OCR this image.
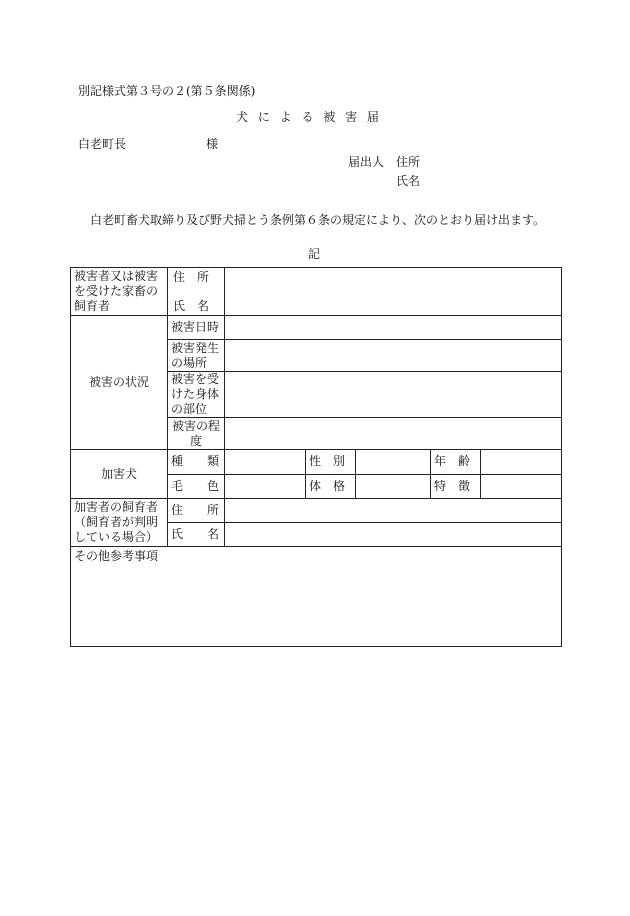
別記様式第３号の２(第５条関係)
犬 に よ る 被 害 届
白老町長	様
届出人 住所
氏名
白老町畜犬取締り及び野犬掃とう条例第６条の規定により、次のとおり届け出ます。
記
被害者又は被害を受けた家畜の飼育者	住　所
氏　名					

被害の状況	被害日時					
	被害発生の場所					
	被害を受けた身体の部位					
	被害の程度					
加害犬	種　　類		性　別		年　齢	
	毛　　色		体　格		特　徴	
加害者の飼育者（飼育者が判明している場合）	住　　所					
	氏　　名					
その他参考事項						
